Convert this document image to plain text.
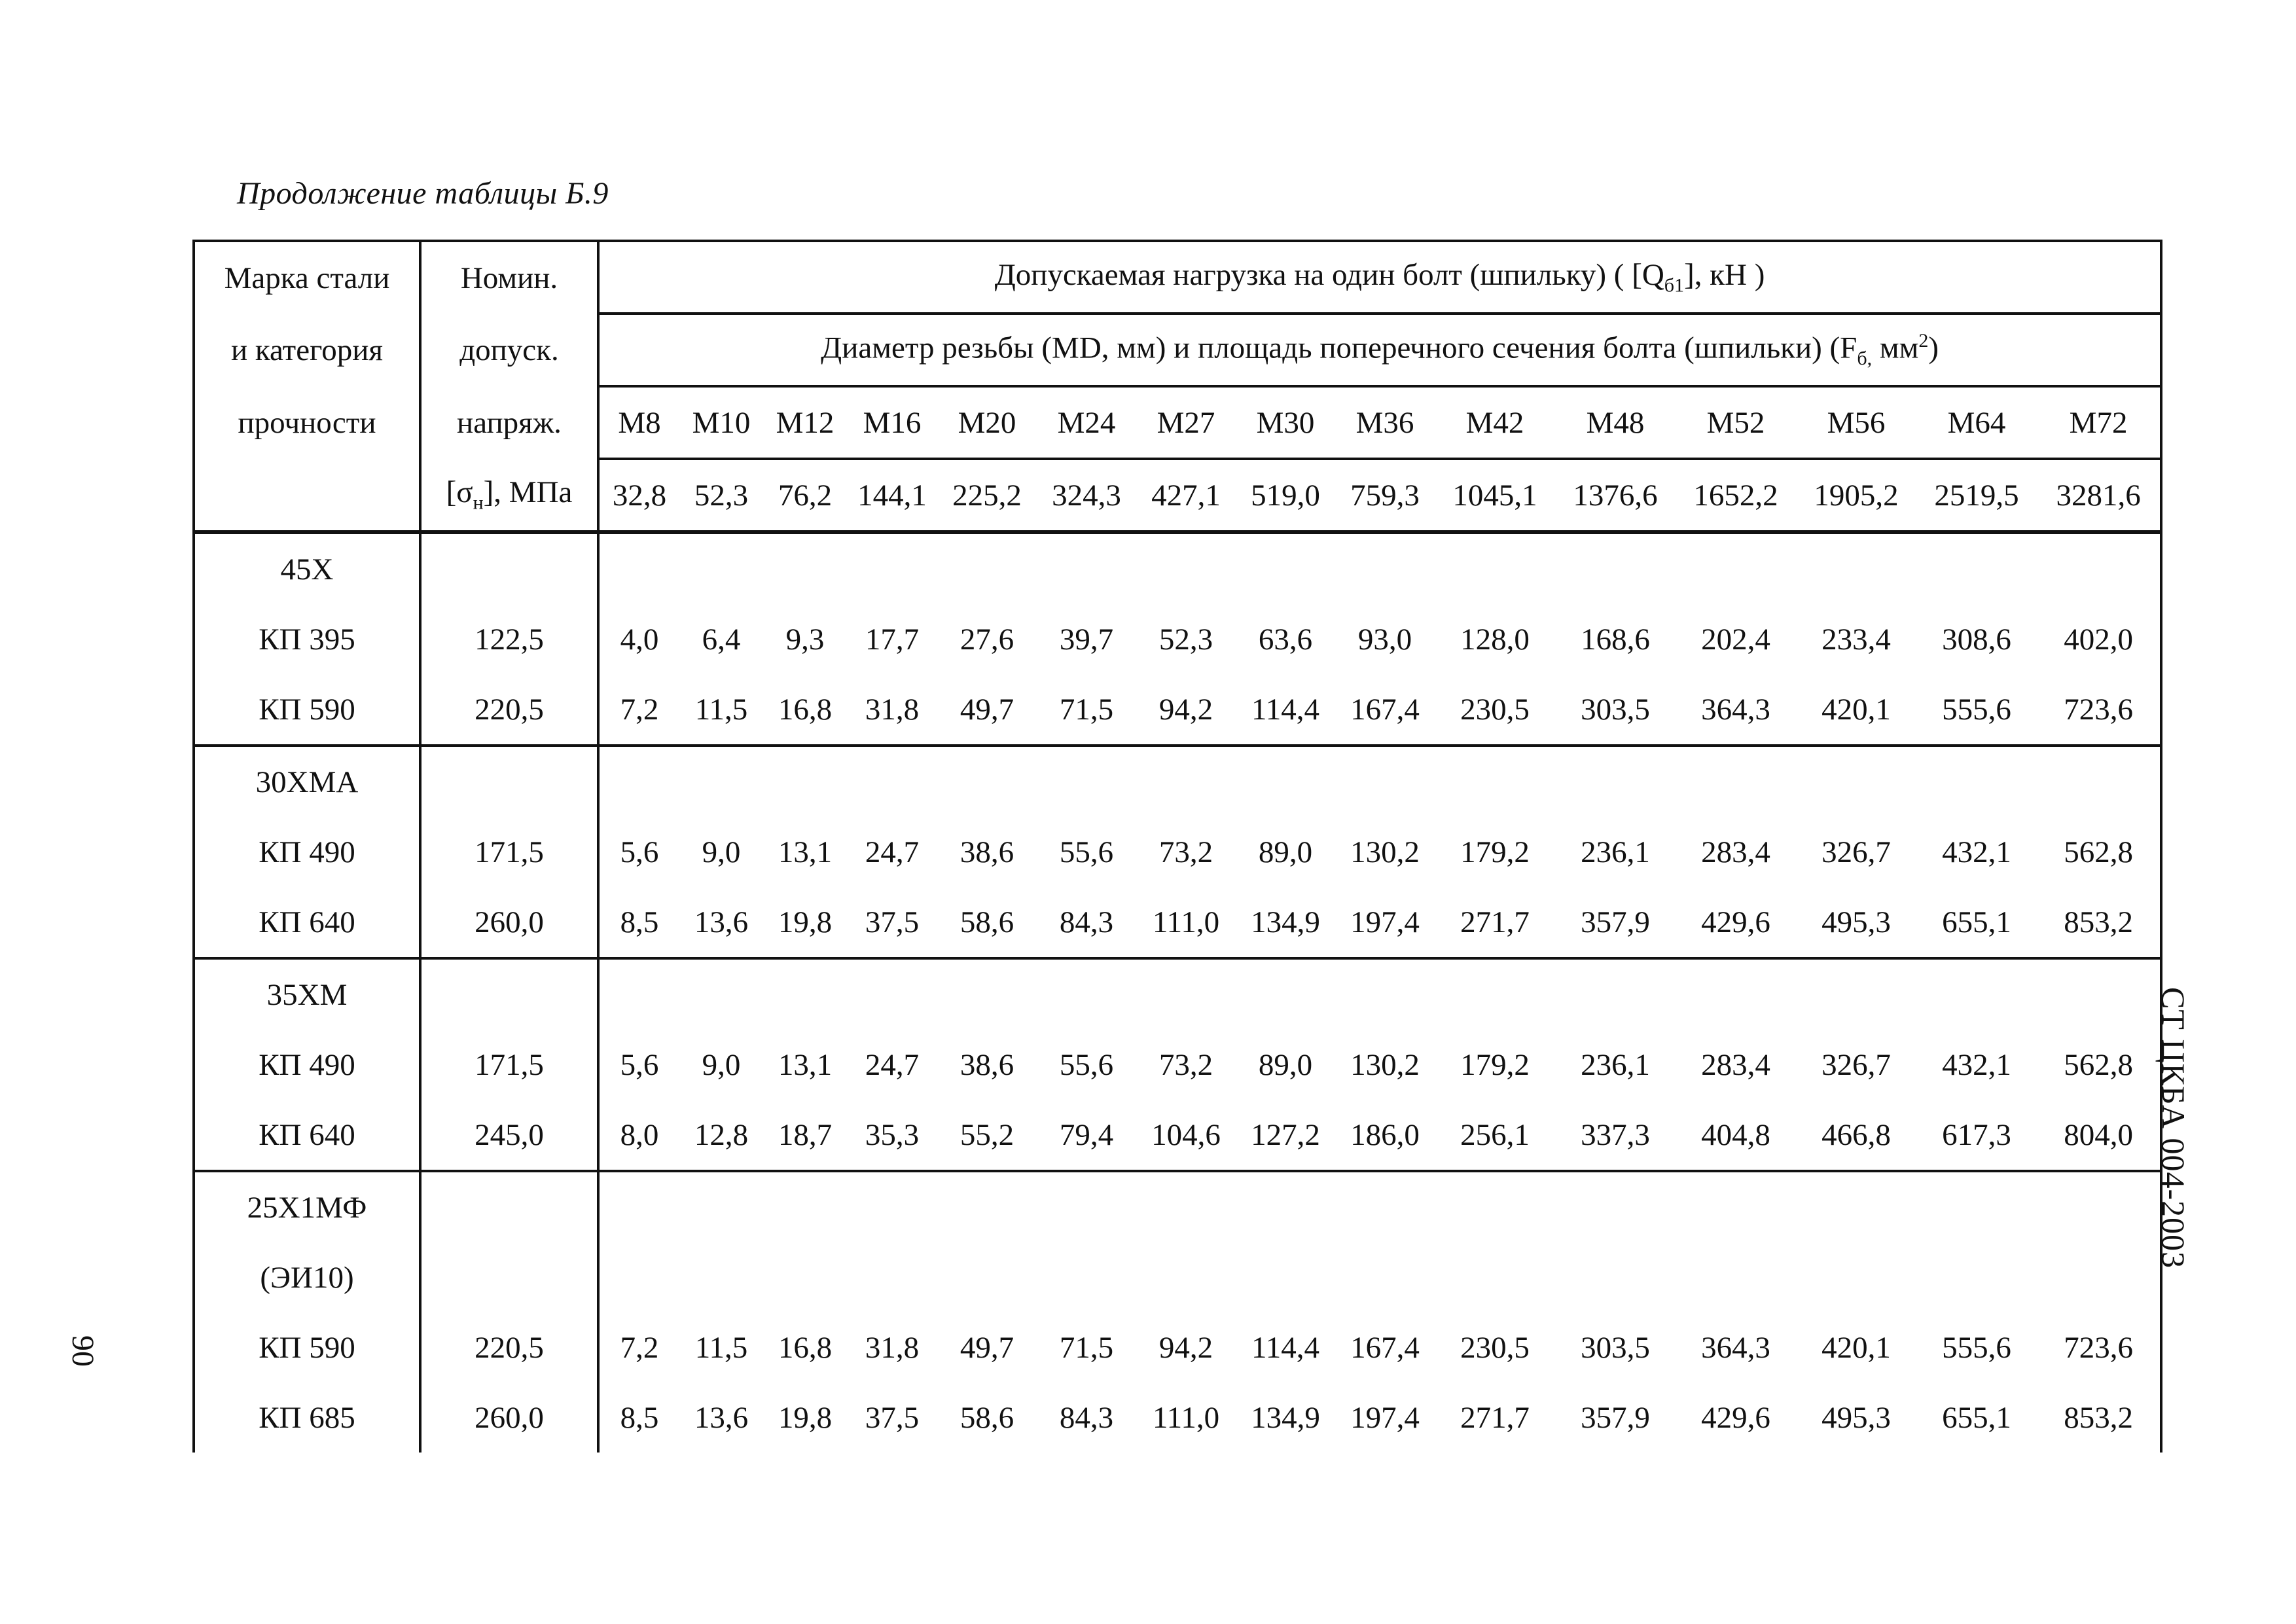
Продолжение таблицы Б.9
Марка стали	Номин.	Допускаемая нагрузка на один болт (шпильку) ( $[Q_{б1}]$, кН )														
и категория	допуск.	Диаметр резьбы (MD, мм) и площадь поперечного сечения болта (шпильки) ($F_{б,}$ $мм^2$)														
прочности	напряж.	М8	М10	М12	М16	М20	М24	М27	М30	М36	М42	М48	М52	М56	М64	М72
	$[\sigma_н]$, МПа	32,8	52,3	76,2	144,1	225,2	324,3	427,1	519,0	759,3	1045,1	1376,6	1652,2	1905,2	2519,5	3281,6
45Х																
КП 395	122,5	4,0	6,4	9,3	17,7	27,6	39,7	52,3	63,6	93,0	128,0	168,6	202,4	233,4	308,6	402,0
КП 590	220,5	7,2	11,5	16,8	31,8	49,7	71,5	94,2	114,4	167,4	230,5	303,5	364,3	420,1	555,6	723,6
30ХМА																
КП 490	171,5	5,6	9,0	13,1	24,7	38,6	55,6	73,2	89,0	130,2	179,2	236,1	283,4	326,7	432,1	562,8
КП 640	260,0	8,5	13,6	19,8	37,5	58,6	84,3	111,0	134,9	197,4	271,7	357,9	429,6	495,3	655,1	853,2
35ХМ																
КП 490	171,5	5,6	9,0	13,1	24,7	38,6	55,6	73,2	89,0	130,2	179,2	236,1	283,4	326,7	432,1	562,8
КП 640	245,0	8,0	12,8	18,7	35,3	55,2	79,4	104,6	127,2	186,0	256,1	337,3	404,8	466,8	617,3	804,0
25Х1МФ																
(ЭИ10)																
КП 590	220,5	7,2	11,5	16,8	31,8	49,7	71,5	94,2	114,4	167,4	230,5	303,5	364,3	420,1	555,6	723,6
КП 685	260,0	8,5	13,6	19,8	37,5	58,6	84,3	111,0	134,9	197,4	271,7	357,9	429,6	495,3	655,1	853,2
90
СТ ЦКБА 004-2003
